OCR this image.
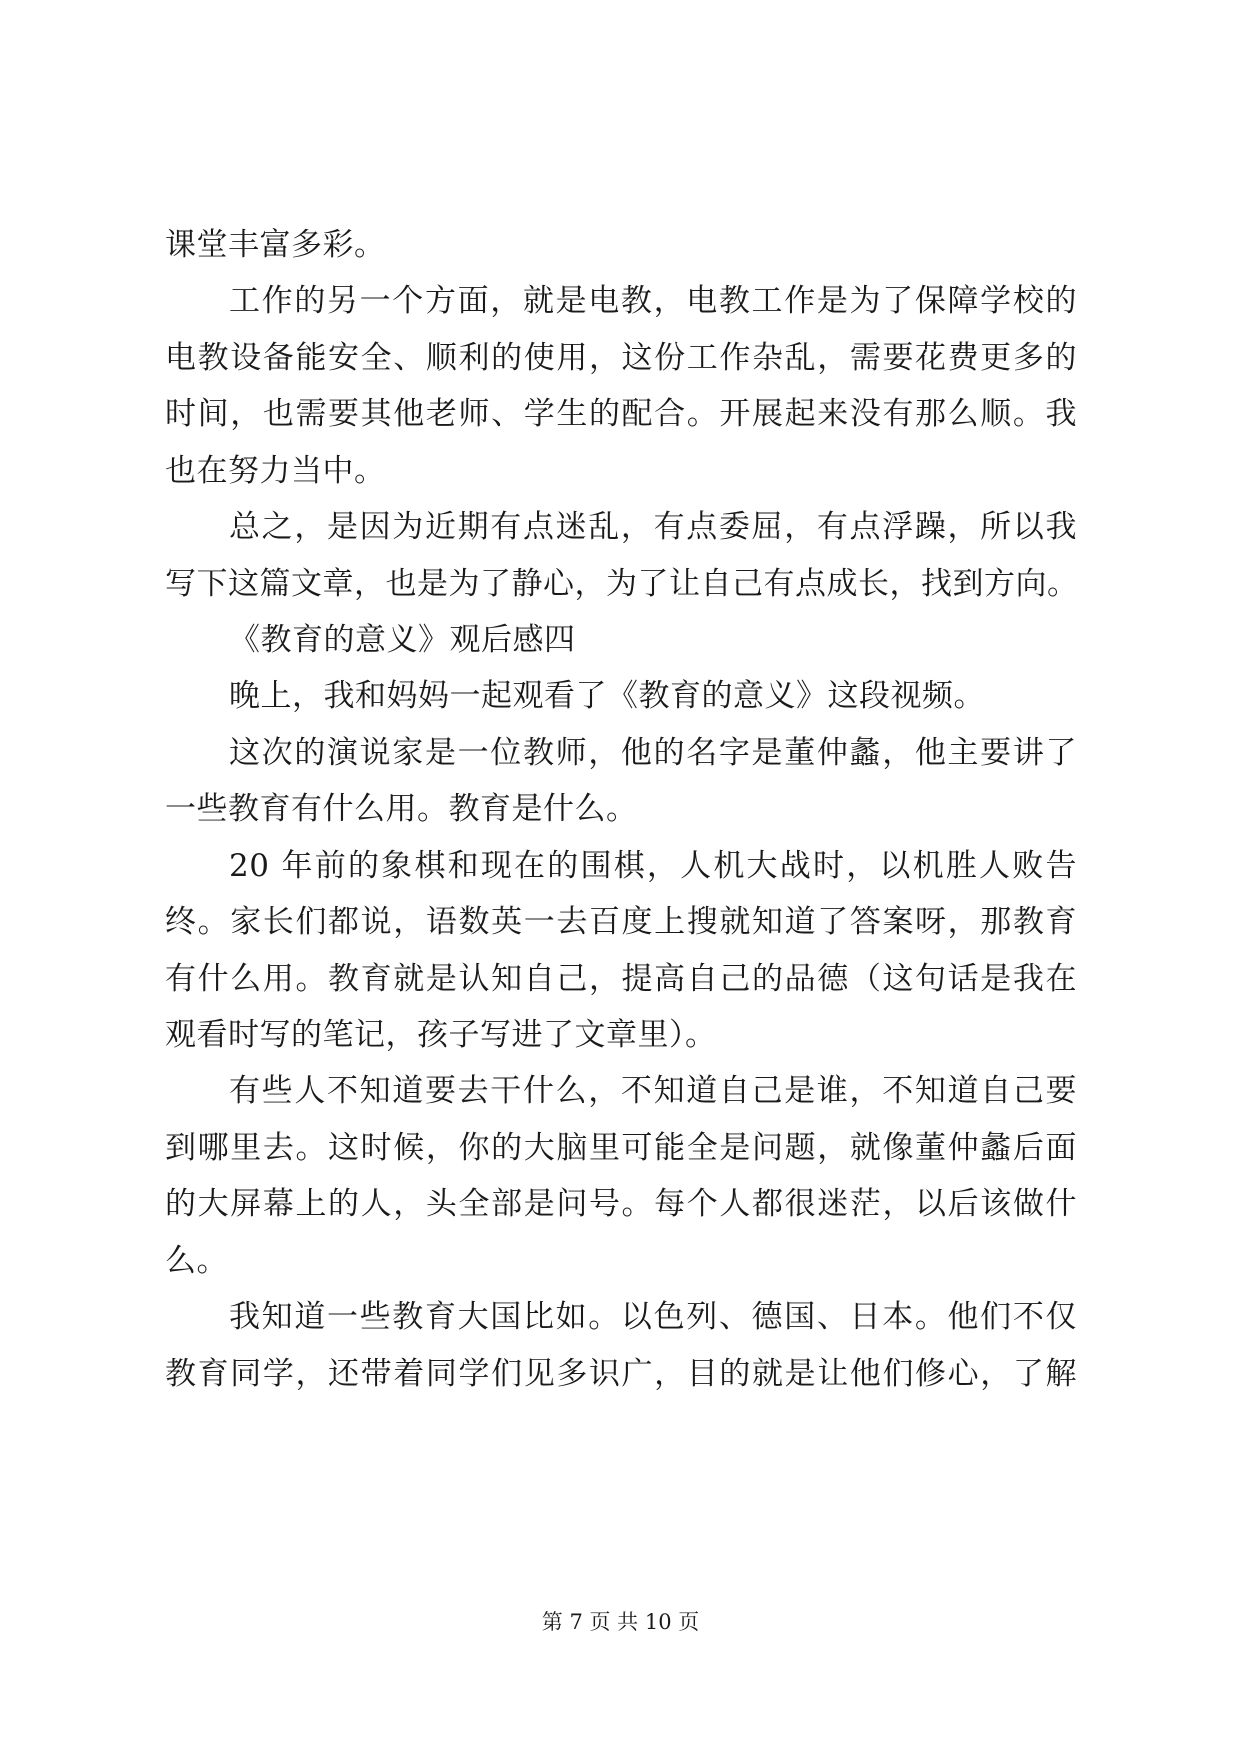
课堂丰富多彩。
工作的另一个方面，就是电教，电教工作是为了保障学校的
电教设备能安全、顺利的使用，这份工作杂乱，需要花费更多的
时间，也需要其他老师、学生的配合。开展起来没有那么顺。我
也在努力当中。
总之，是因为近期有点迷乱，有点委屈，有点浮躁，所以我
写下这篇文章，也是为了静心，为了让自己有点成长，找到方向。
《教育的意义》观后感四
晚上，我和妈妈一起观看了《教育的意义》这段视频。
这次的演说家是一位教师，他的名字是董仲蠡，他主要讲了
一些教育有什么用。教育是什么。
20 年前的象棋和现在的围棋，人机大战时，以机胜人败告
终。家长们都说，语数英一去百度上搜就知道了答案呀，那教育
有什么用。教育就是认知自己，提高自己的品德（这句话是我在
观看时写的笔记，孩子写进了文章里）。
有些人不知道要去干什么，不知道自己是谁，不知道自己要
到哪里去。这时候，你的大脑里可能全是问题，就像董仲蠡后面
的大屏幕上的人，头全部是问号。每个人都很迷茫，以后该做什
么。
我知道一些教育大国比如。以色列、德国、日本。他们不仅
教育同学，还带着同学们见多识广，目的就是让他们修心，了解
第 7 页 共 10 页
